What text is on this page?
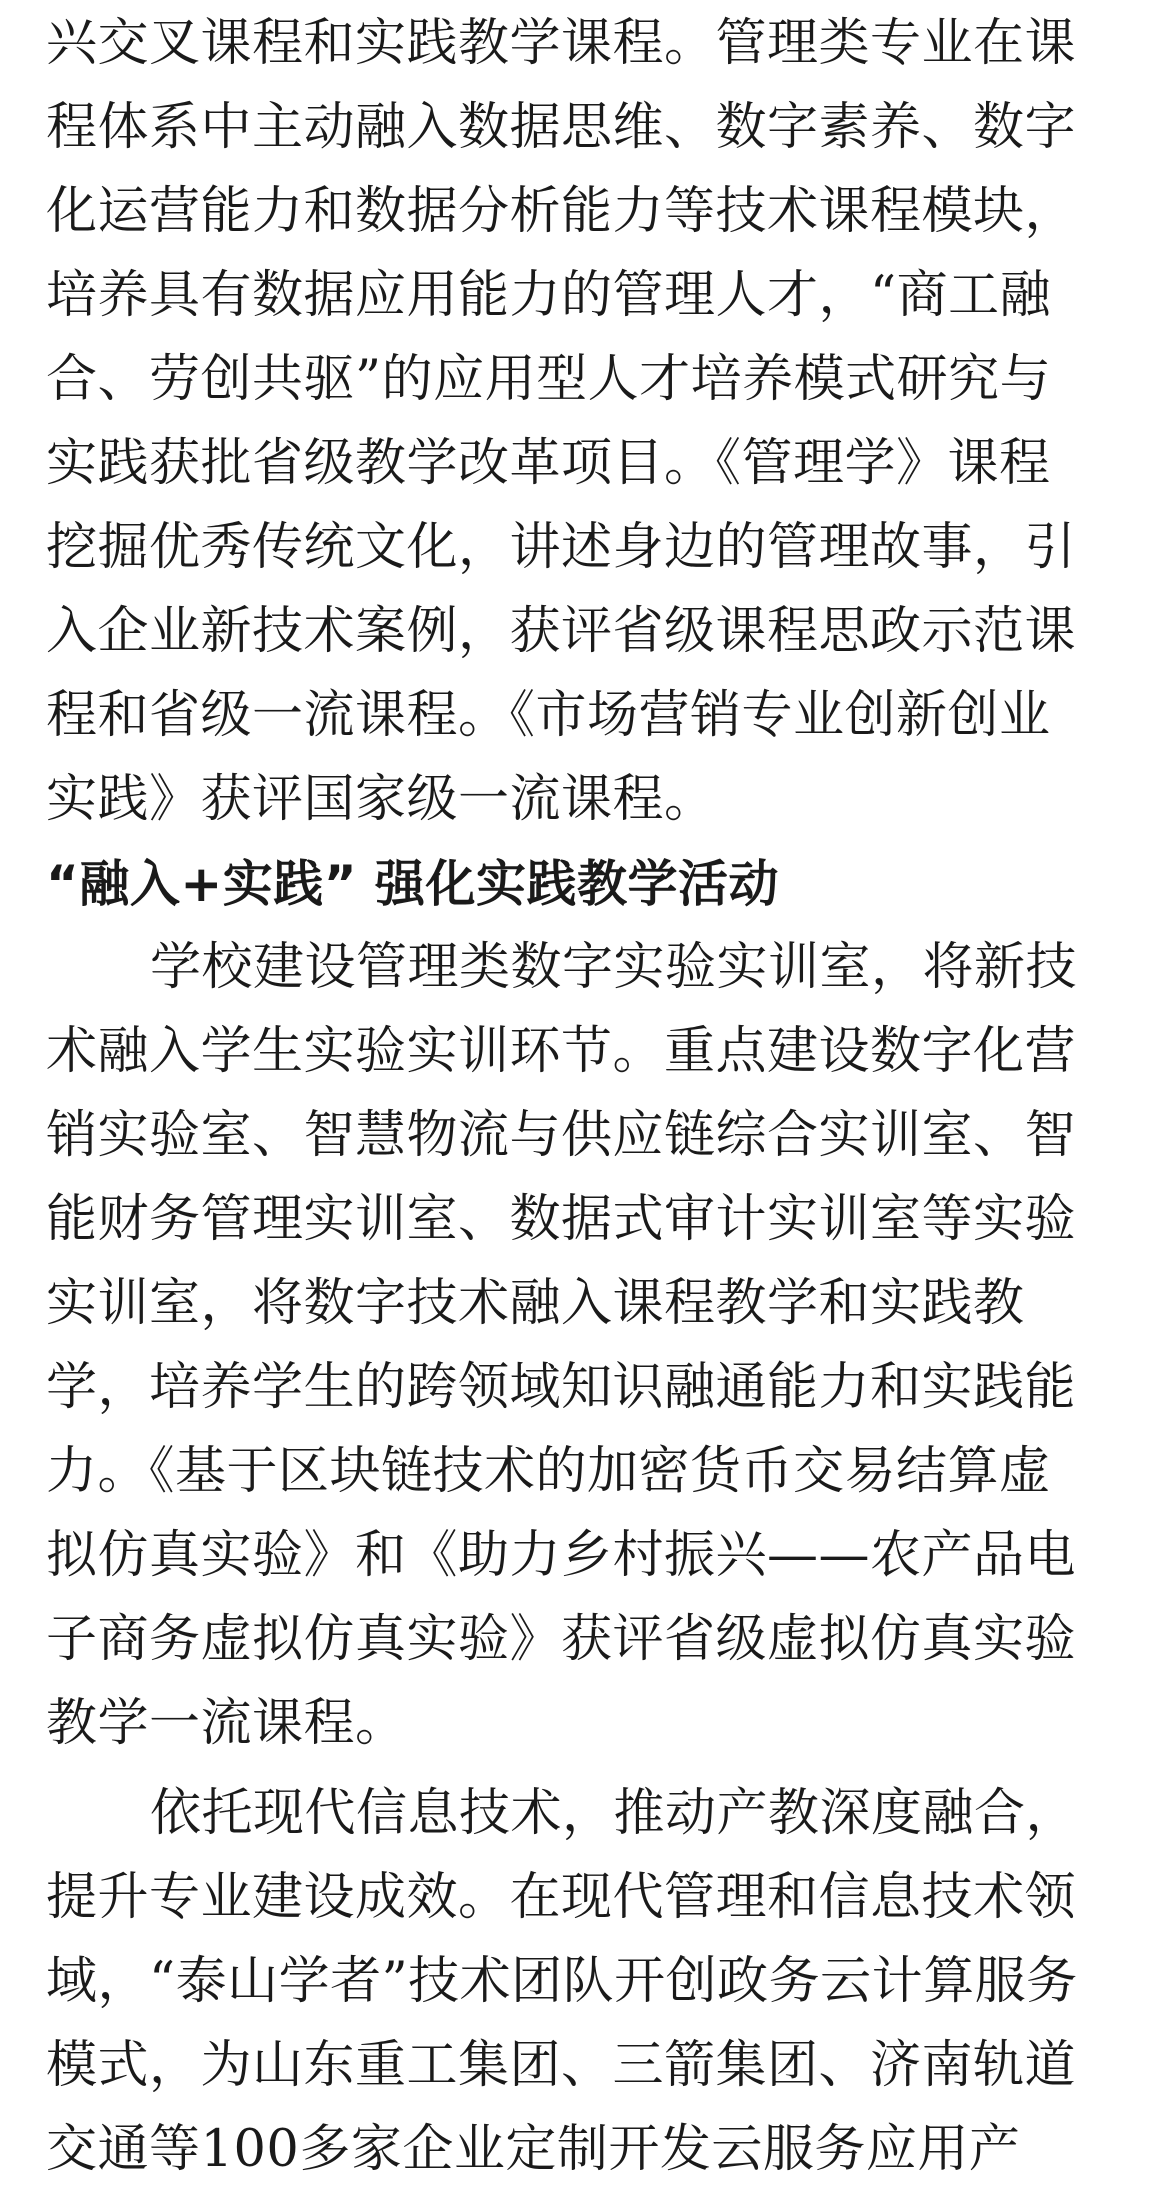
兴交叉课程和实践教学课程。管理类专业在课
程体系中主动融入数据思维、数字素养、数字
化运营能力和数据分析能力等技术课程模块，
培养具有数据应用能力的管理人才，“商工融
合、劳创共驱”的应用型人才培养模式研究与
实践获批省级教学改革项目。《管理学》课程
挖掘优秀传统文化，讲述身边的管理故事，引
入企业新技术案例，获评省级课程思政示范课
程和省级一流课程。《市场营销专业创新创业
实践》获评国家级一流课程。
“融入+实践” 强化实践教学活动
学校建设管理类数字实验实训室，将新技
术融入学生实验实训环节。重点建设数字化营
销实验室、智慧物流与供应链综合实训室、智
能财务管理实训室、数据式审计实训室等实验
实训室，将数字技术融入课程教学和实践教
学，培养学生的跨领域知识融通能力和实践能
力。《基于区块链技术的加密货币交易结算虚
拟仿真实验》和《助力乡村振兴——农产品电
子商务虚拟仿真实验》获评省级虚拟仿真实验
教学一流课程。
依托现代信息技术，推动产教深度融合，
提升专业建设成效。在现代管理和信息技术领
域，“泰山学者”技术团队开创政务云计算服务
模式，为山东重工集团、三箭集团、济南轨道
交通等100多家企业定制开发云服务应用产
